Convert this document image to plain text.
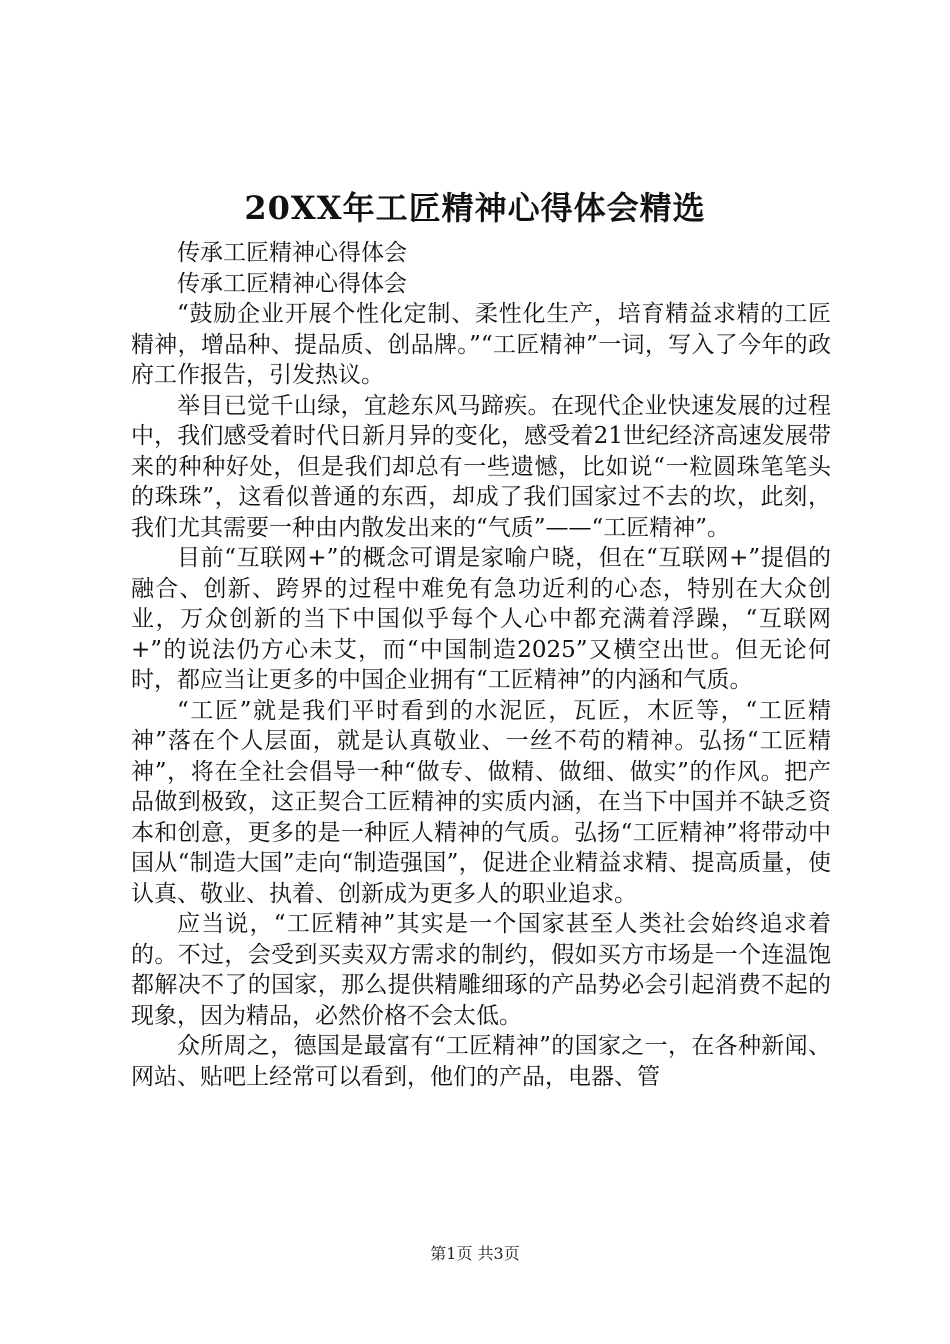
20XX年工匠精神心得体会精选

传承工匠精神心得体会

传承工匠精神心得体会

“鼓励企业开展个性化定制、柔性化生产，培育精益求精的工匠精神，增品种、提品质、创品牌。”“工匠精神”一词，写入了今年的政府工作报告，引发热议。

举目已觉千山绿，宜趁东风马蹄疾。在现代企业快速发展的过程中，我们感受着时代日新月异的变化，感受着21世纪经济高速发展带来的种种好处，但是我们却总有一些遗憾，比如说“一粒圆珠笔笔头的珠珠”，这看似普通的东西，却成了我们国家过不去的坎，此刻，我们尤其需要一种由内散发出来的“气质”——“工匠精神”。

目前“互联网+”的概念可谓是家喻户晓，但在“互联网+”提倡的融合、创新、跨界的过程中难免有急功近利的心态，特别在大众创业，万众创新的当下中国似乎每个人心中都充满着浮躁，“互联网+”的说法仍方心未艾，而“中国制造2025”又横空出世。但无论何时，都应当让更多的中国企业拥有“工匠精神”的内涵和气质。

“工匠”就是我们平时看到的水泥匠，瓦匠，木匠等，“工匠精神”落在个人层面，就是认真敬业、一丝不苟的精神。弘扬“工匠精神”，将在全社会倡导一种“做专、做精、做细、做实”的作风。把产品做到极致，这正契合工匠精神的实质内涵，在当下中国并不缺乏资本和创意，更多的是一种匠人精神的气质。弘扬“工匠精神”将带动中国从“制造大国”走向“制造强国”，促进企业精益求精、提高质量，使认真、敬业、执着、创新成为更多人的职业追求。

应当说，“工匠精神”其实是一个国家甚至人类社会始终追求着的。不过，会受到买卖双方需求的制约，假如买方市场是一个连温饱都解决不了的国家，那么提供精雕细琢的产品势必会引起消费不起的现象，因为精品，必然价格不会太低。

众所周之，德国是最富有“工匠精神”的国家之一，在各种新闻、网站、贴吧上经常可以看到，他们的产品，电器、管

第1页 共3页
